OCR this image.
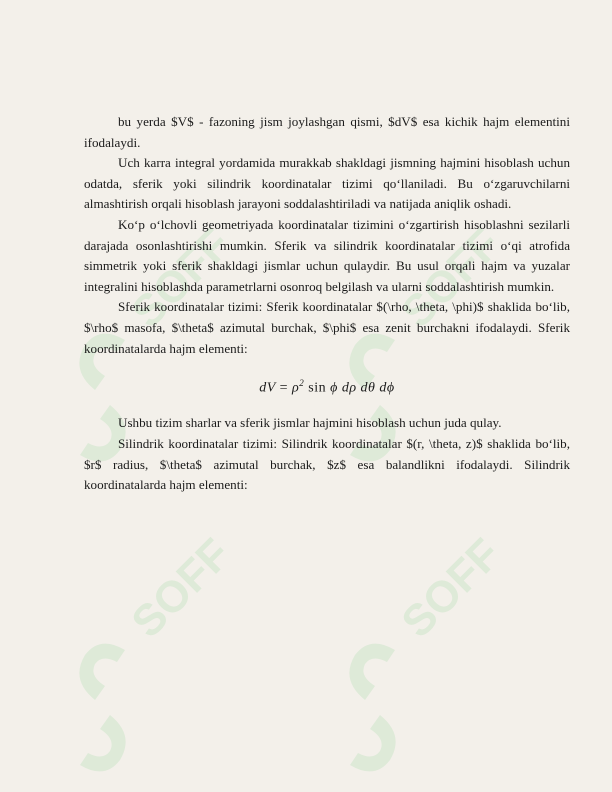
SOFF	SOFF
SOFF	SOFF

bu yerda $V$ - fazoning jism joylashgan qismi, $dV$ esa kichik hajm elementini ifodalaydi.

Uch karra integral yordamida murakkab shakldagi jismning hajmini hisoblash uchun odatda, sferik yoki silindrik koordinatalar tizimi qo‘llaniladi. Bu o‘zgaruvchilarni almashtirish orqali hisoblash jarayoni soddalashtiriladi va natijada aniqlik oshadi.

Ko‘p o‘lchovli geometriyada koordinatalar tizimini o‘zgartirish hisoblashni sezilarli darajada osonlashtirishi mumkin. Sferik va silindrik koordinatalar tizimi o‘qi atrofida simmetrik yoki sferik shakldagi jismlar uchun qulaydir. Bu usul orqali hajm va yuzalar integralini hisoblashda parametrlarni osonroq belgilash va ularni soddalashtirish mumkin.

Sferik koordinatalar tizimi: Sferik koordinatalar $(\rho, \theta, \phi)$ shaklida bo‘lib, $\rho$ masofa, $\theta$ azimutal burchak, $\phi$ esa zenit burchakni ifodalaydi. Sferik koordinatalarda hajm elementi:

dV = $\rho^2$ sin ϕ dρ dθ dϕ

Ushbu tizim sharlar va sferik jismlar hajmini hisoblash uchun juda qulay.

Silindrik koordinatalar tizimi: Silindrik koordinatalar $(r, \theta, z)$ shaklida bo‘lib, $r$ radius, $\theta$ azimutal burchak, $z$ esa balandlikni ifodalaydi. Silindrik koordinatalarda hajm elementi:
